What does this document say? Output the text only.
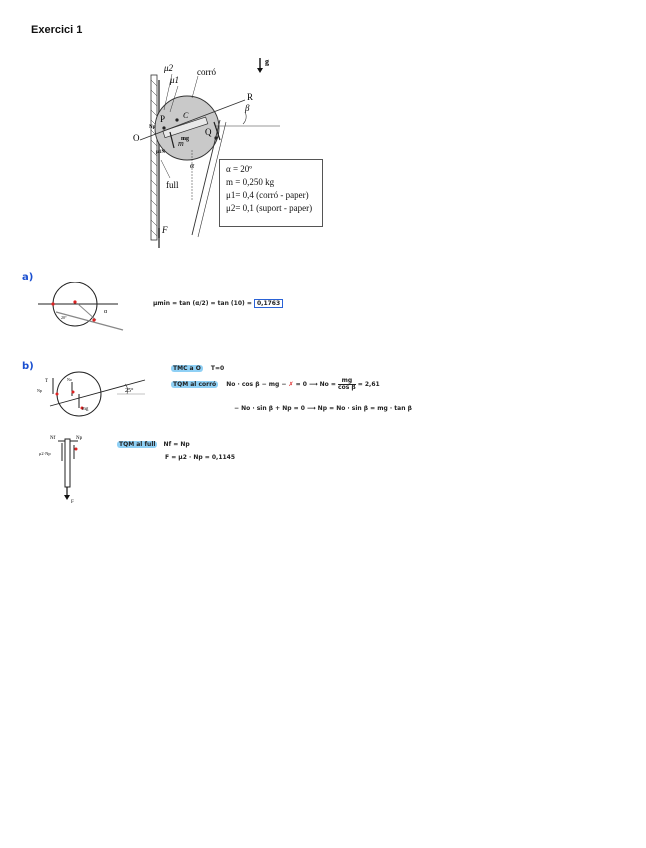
Exercici 1
μ2
μ1
corró
g
R
β
O
P
Q
C
m
mg
Np
μ1N
α
full
F
α = 20º
m = 0,250 kg
μ1= 0,4 (corró - paper)
μ2= 0,1 (suport - paper)
a)
α
20°
μmin = tan (α/2) = tan (10) = 0,1763
b)
25°
T
Np
No
mg
TMC a O T=0
TQM al corró No · cos β − mg − ✗ = 0 ⟶ $No = \frac{mg}{\text{cos β}} = 2,61$
− No · sin β + Np = 0 ⟶ Np = No · sin β = mg · tan β
Nf	Np
μ2·Np
F
TQM al full Nf = Np
F = μ2 · Np = 0,1145
